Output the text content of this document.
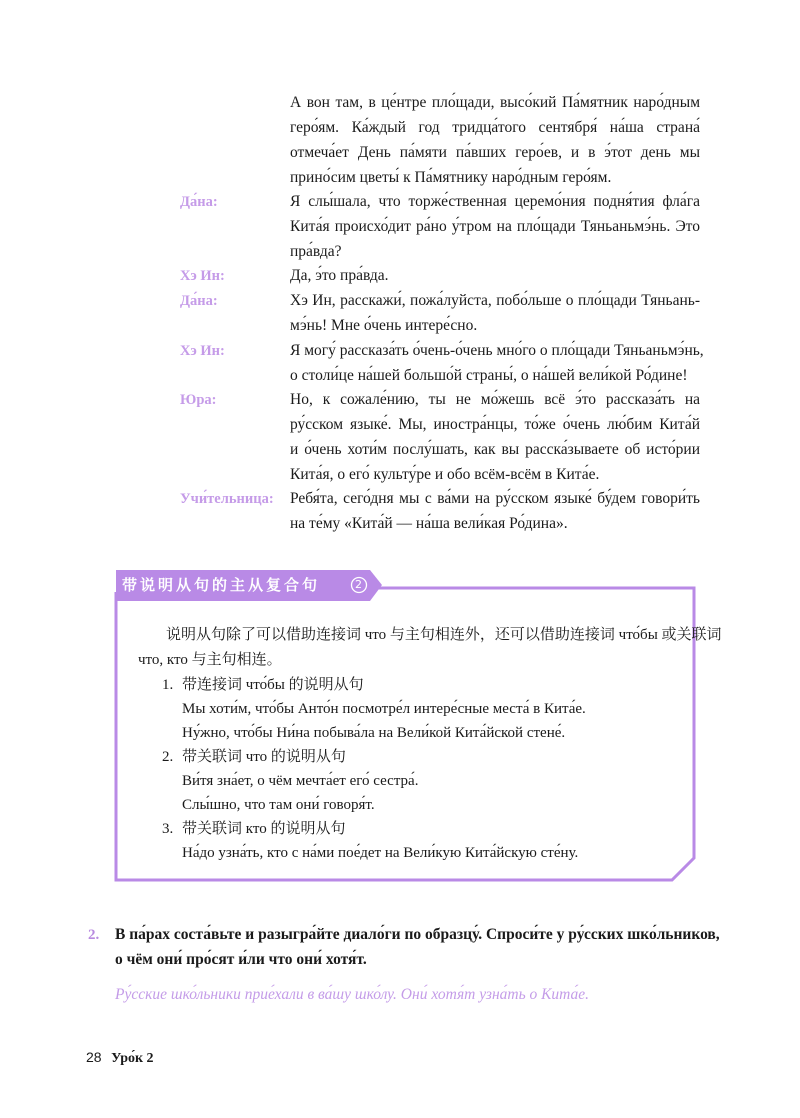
А вон там, в це́нтре пло́щади, высо́кий Па́мятник наро́дным
геро́ям. Ка́ждый год тридца́того сентября́ на́ша страна́
отмеча́ет День па́мяти па́вших геро́ев, и в э́тот день мы
прино́сим цветы́ к Па́мятнику наро́дным геро́ям.
Да́на:	Я слы́шала, что торже́ственная церемо́ния подня́тия фла́га
Кита́я происхо́дит ра́но у́тром на пло́щади Тяньаньмэ́нь. Это
пра́вда?
Хэ Ин:	Да, э́то пра́вда.
Да́на:	Хэ Ин, расскажи́, пожа́луйста, побо́льше о пло́щади Тяньань-
мэ́нь! Мне о́чень интере́сно.
Хэ Ин:	Я могу́ рассказа́ть о́чень-о́чень мно́го о пло́щади Тяньаньмэ́нь,
о столи́це на́шей большо́й страны́, о на́шей вели́кой Ро́дине!
Юра:	Но, к сожале́нию, ты не мо́жешь всё э́то рассказа́ть на
ру́сском языке́. Мы, иностра́нцы, то́же о́чень лю́бим Кита́й
и о́чень хоти́м послу́шать, как вы расска́зываете об исто́рии
Кита́я, о его́ культу́ре и обо всём-всём в Кита́е.
Учи́тельница: Ребя́та, сего́дня мы с ва́ми на ру́сском языке́ бу́дем говори́ть
на те́му «Кита́й — на́ша вели́кая Ро́дина».
带说明从句的主从复合句	2
说明从句除了可以借助连接词 что 与主句相连外，还可以借助连接词 что́бы 或关联词
что, кто 与主句相连。
1. 带连接词 что́бы 的说明从句
Мы хоти́м, что́бы Анто́н посмотре́л интере́сные места́ в Кита́е.
Ну́жно, что́бы Ни́на побыва́ла на Вели́кой Кита́йской стене́.
2. 带关联词 что 的说明从句
Ви́тя зна́ет, о чём мечта́ет его́ сестра́.
Слы́шно, что там они́ говоря́т.
3. 带关联词 кто 的说明从句
На́до узна́ть, кто с на́ми пое́дет на Вели́кую Кита́йскую сте́ну.
2. В па́рах соста́вьте и разыгра́йте диало́ги по образцу́. Спроси́те у ру́сских шко́льников,
о чём они́ про́сят и́ли что они́ хотя́т.
Ру́сские шко́льники прие́хали в ва́шу шко́лу. Они́ хотя́т узна́ть о Кита́е.
28 Уро́к 2
